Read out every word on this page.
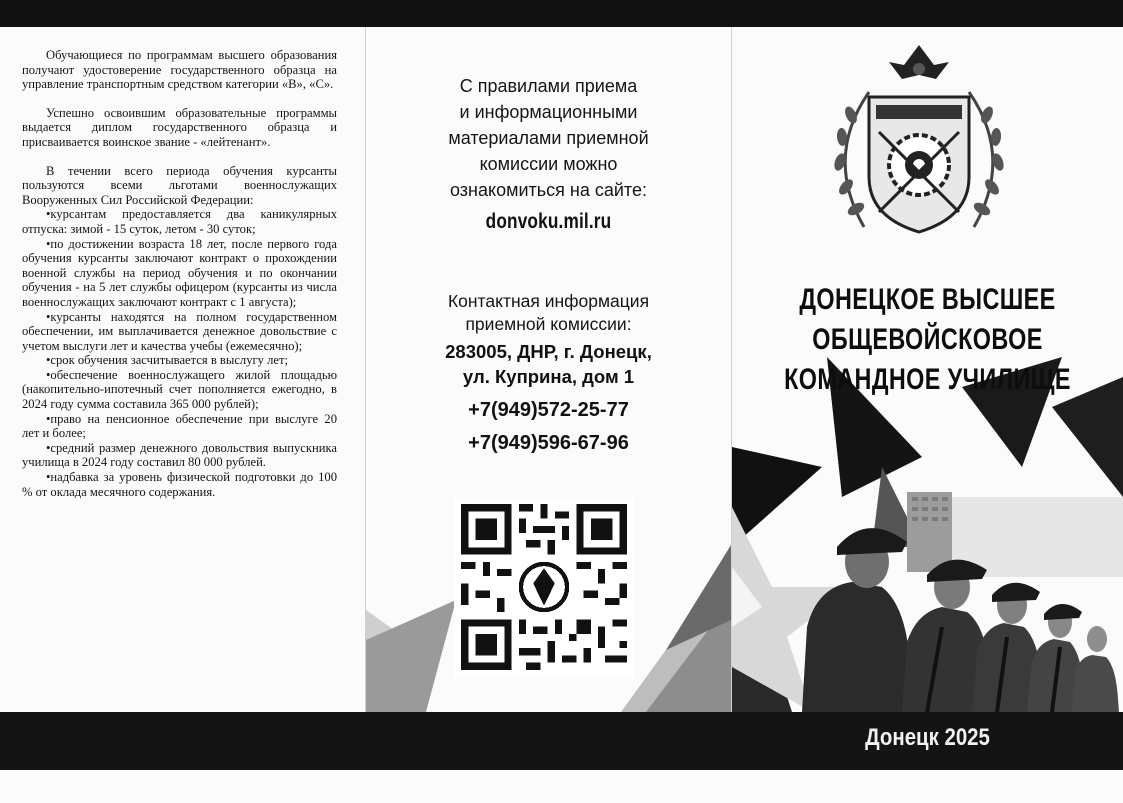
Обучающиеся по программам высшего образования получают удостоверение государственного образца на управление транспортным средством категории «В», «С».

Успешно освоившим образовательные программы выдается диплом государственного образца и присваивается воинское звание - «лейтенант».

В течении всего периода обучения курсанты пользуются всеми льготами военнослужащих Вооруженных Сил Российской Федерации:

•курсантам предоставляется два каникулярных отпуска: зимой - 15 суток, летом - 30 суток;

•по достижении возраста 18 лет, после первого года обучения курсанты заключают контракт о прохождении военной службы на период обучения и по окончании обучения - на 5 лет службы офицером (курсанты из числа военнослужащих заключают контракт с 1 августа);

•курсанты находятся на полном государственном обеспечении, им выплачивается денежное довольствие с учетом выслуги лет и качества учебы (ежемесячно);

•срок обучения засчитывается в выслугу лет;

•обеспечение военнослужащего жилой площадью (накопительно-ипотечный счет пополняется ежегодно, в 2024 году сумма составила 365 000 рублей);

•право на пенсионное обеспечение при выслуге 20 лет и более;

•средний размер денежного довольствия выпускника училища в 2024 году составил 80 000 рублей.

•надбавка за уровень физической подготовки до 100 % от оклада месячного содержания.

С правилами приема
и информационными
материалами приемной
комиссии можно
ознакомиться на сайте:
donvoku.mil.ru
Контактная информация
приемной комиссии:
283005, ДНР, г. Донецк,
ул. Куприна, дом 1
+7(949)572-25-77
+7(949)596-67-96
ДОНЕЦКОЕ ВЫСШЕЕ
ОБЩЕВОЙСКОВОЕ
КОМАНДНОЕ УЧИЛИЩЕ
Донецк 2025
